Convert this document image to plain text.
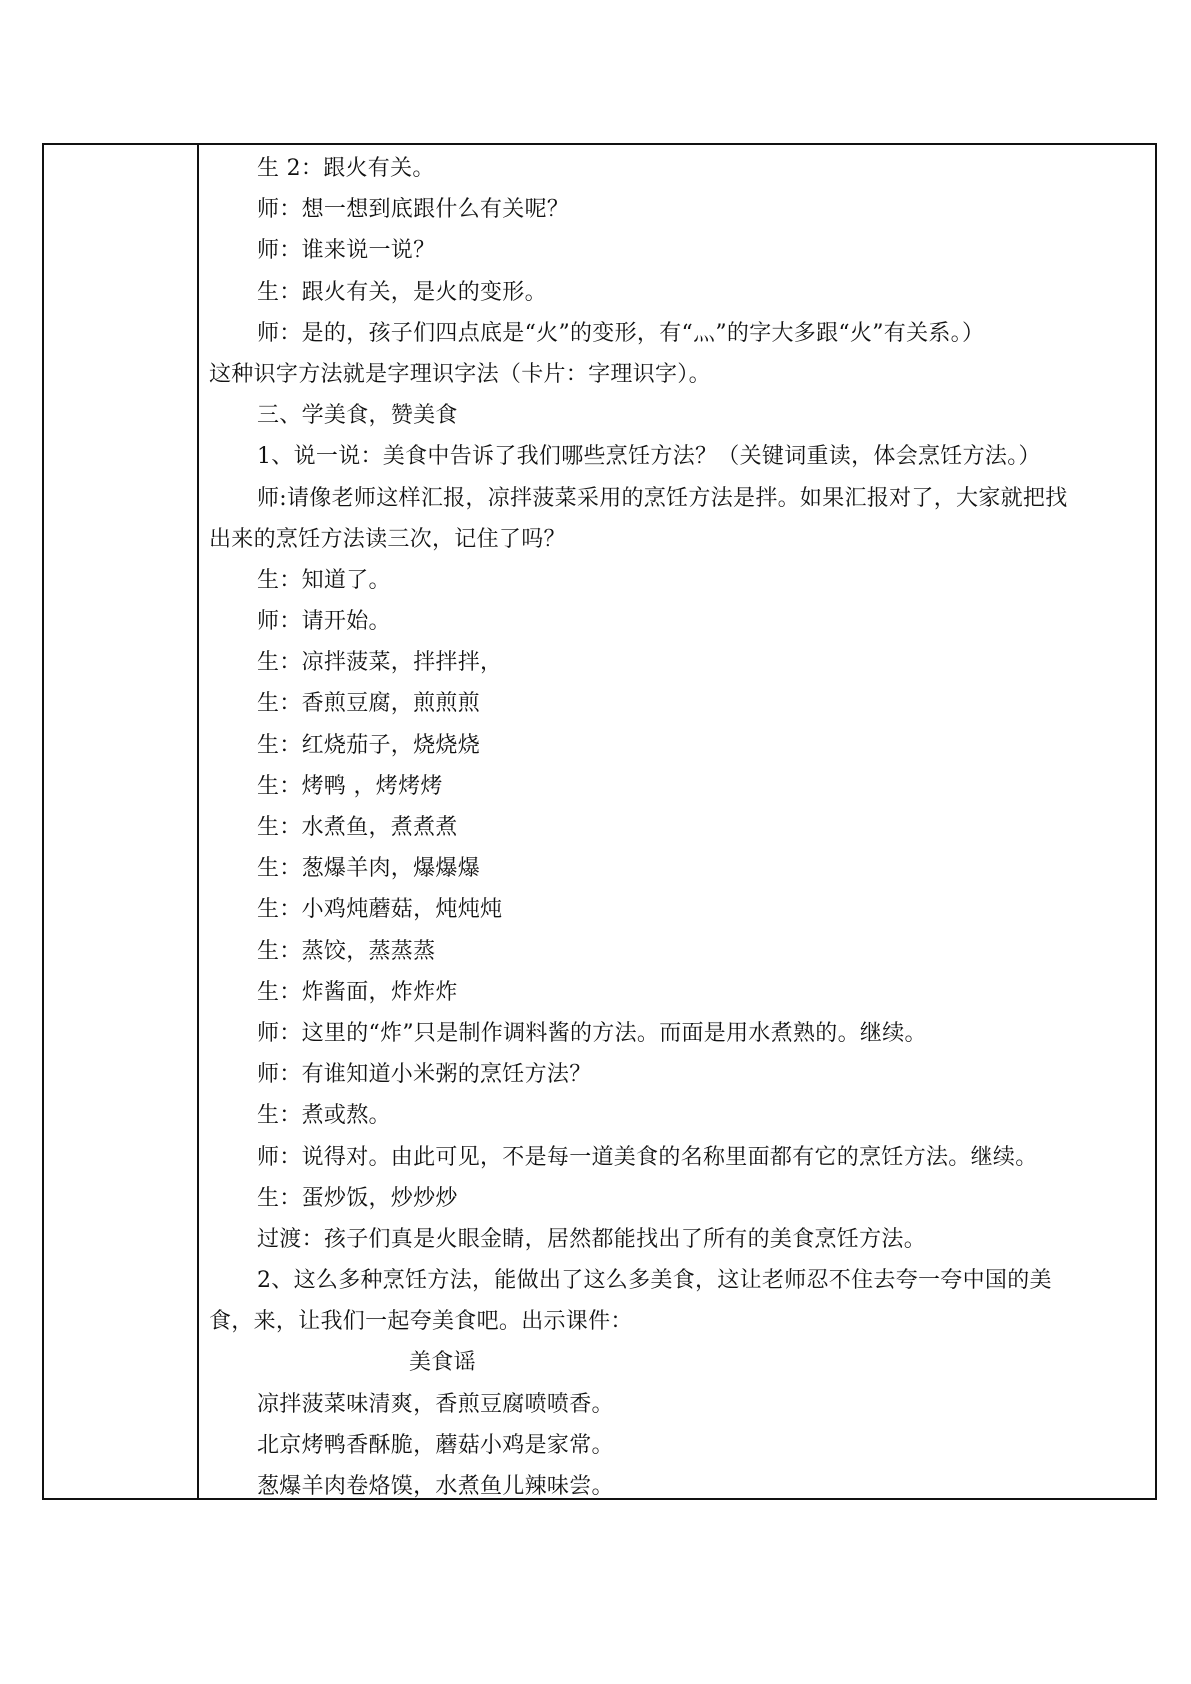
生 2：跟火有关。
师：想一想到底跟什么有关呢？
师：谁来说一说？
生：跟火有关，是火的变形。
师：是的，孩子们四点底是“火”的变形，有“灬”的字大多跟“火”有关系。）
这种识字方法就是字理识字法（卡片：字理识字）。
三、学美食，赞美食
1、说一说：美食中告诉了我们哪些烹饪方法？（关键词重读，体会烹饪方法。）
师:请像老师这样汇报，凉拌菠菜采用的烹饪方法是拌。如果汇报对了，大家就把找
出来的烹饪方法读三次，记住了吗？
生：知道了。
师：请开始。
生：凉拌菠菜，拌拌拌，
生：香煎豆腐，煎煎煎
生：红烧茄子，烧烧烧
生：烤鸭 ，烤烤烤
生：水煮鱼，煮煮煮
生：葱爆羊肉，爆爆爆
生：小鸡炖蘑菇，炖炖炖
生：蒸饺，蒸蒸蒸
生：炸酱面，炸炸炸
师：这里的“炸”只是制作调料酱的方法。而面是用水煮熟的。继续。
师：有谁知道小米粥的烹饪方法？
生：煮或熬。
师：说得对。由此可见，不是每一道美食的名称里面都有它的烹饪方法。继续。
生：蛋炒饭，炒炒炒
过渡：孩子们真是火眼金睛，居然都能找出了所有的美食烹饪方法。
2、这么多种烹饪方法，能做出了这么多美食，这让老师忍不住去夸一夸中国的美
食，来，让我们一起夸美食吧。出示课件：
美食谣
凉拌菠菜味清爽，香煎豆腐喷喷香。
北京烤鸭香酥脆，蘑菇小鸡是家常。
葱爆羊肉卷烙馍，水煮鱼儿辣味尝。
